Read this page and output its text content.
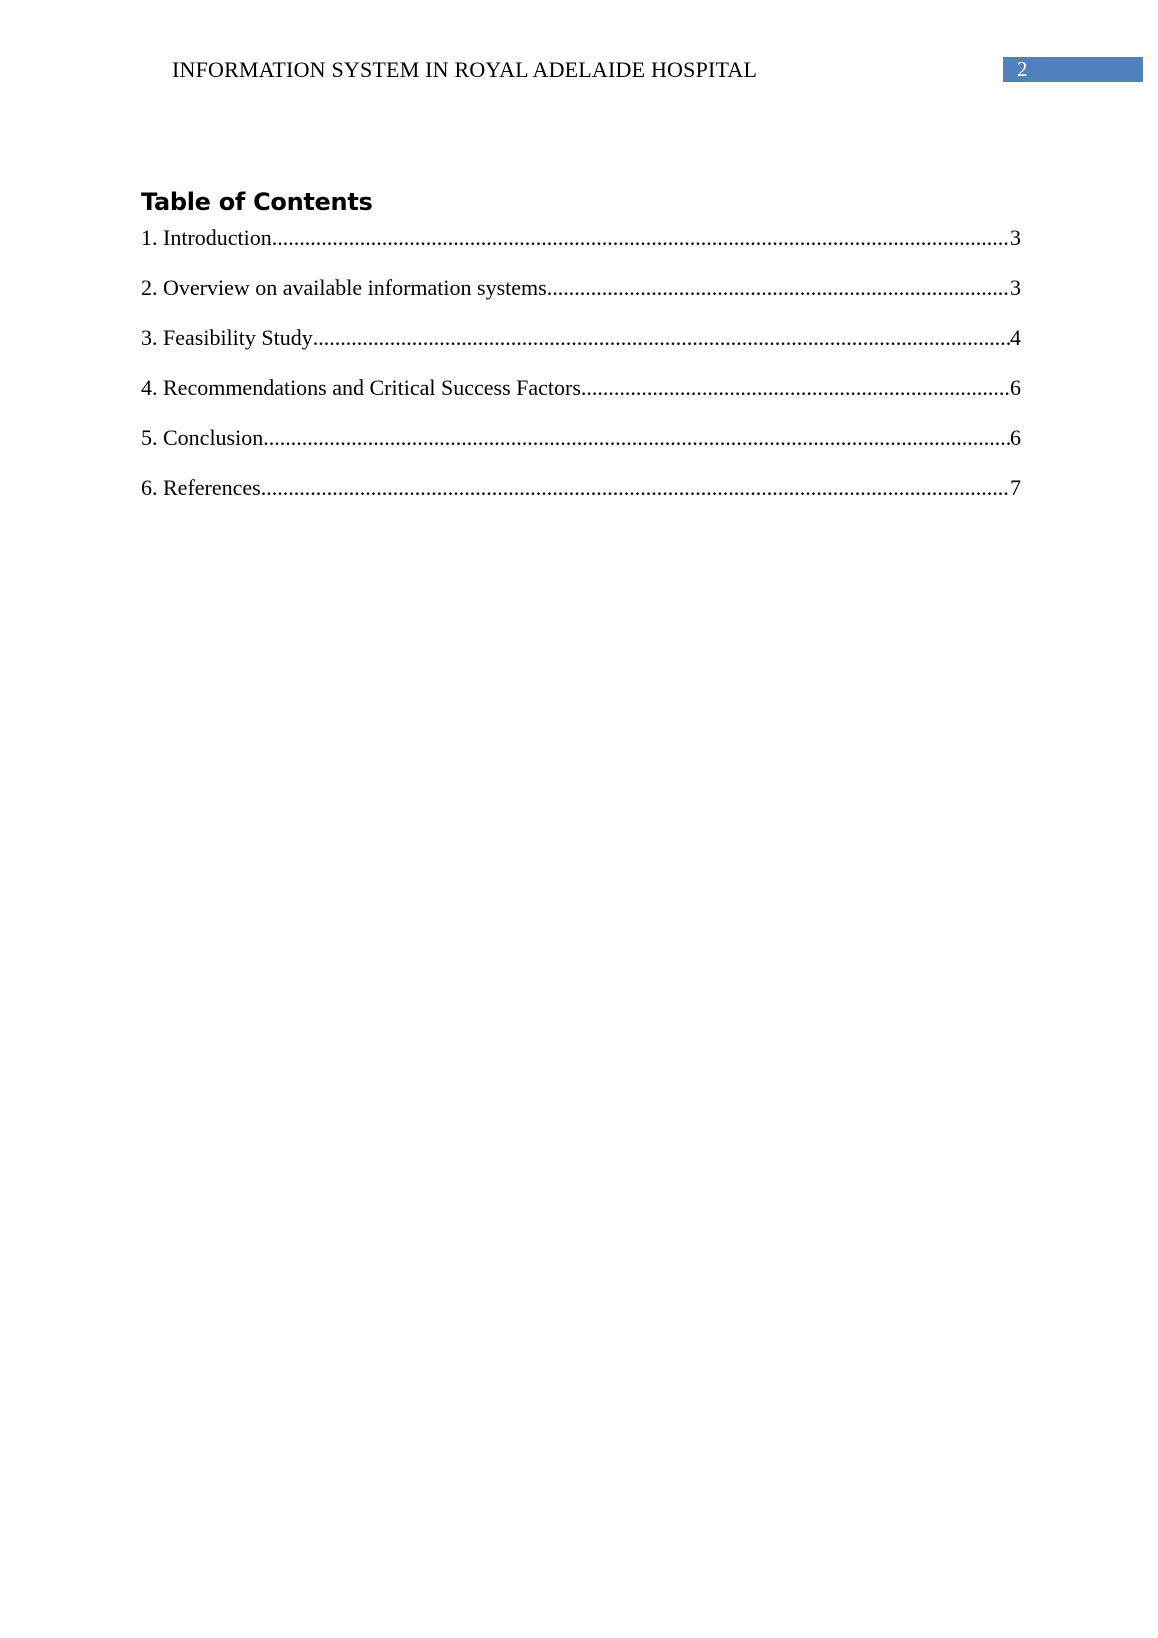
INFORMATION SYSTEM IN ROYAL ADELAIDE HOSPITAL	2
Table of Contents
1. Introduction .....	3
2. Overview on available information systems .....	3
3. Feasibility Study .....	4
4. Recommendations and Critical Success Factors .....	6
5. Conclusion .....	6
6. References .....	7
